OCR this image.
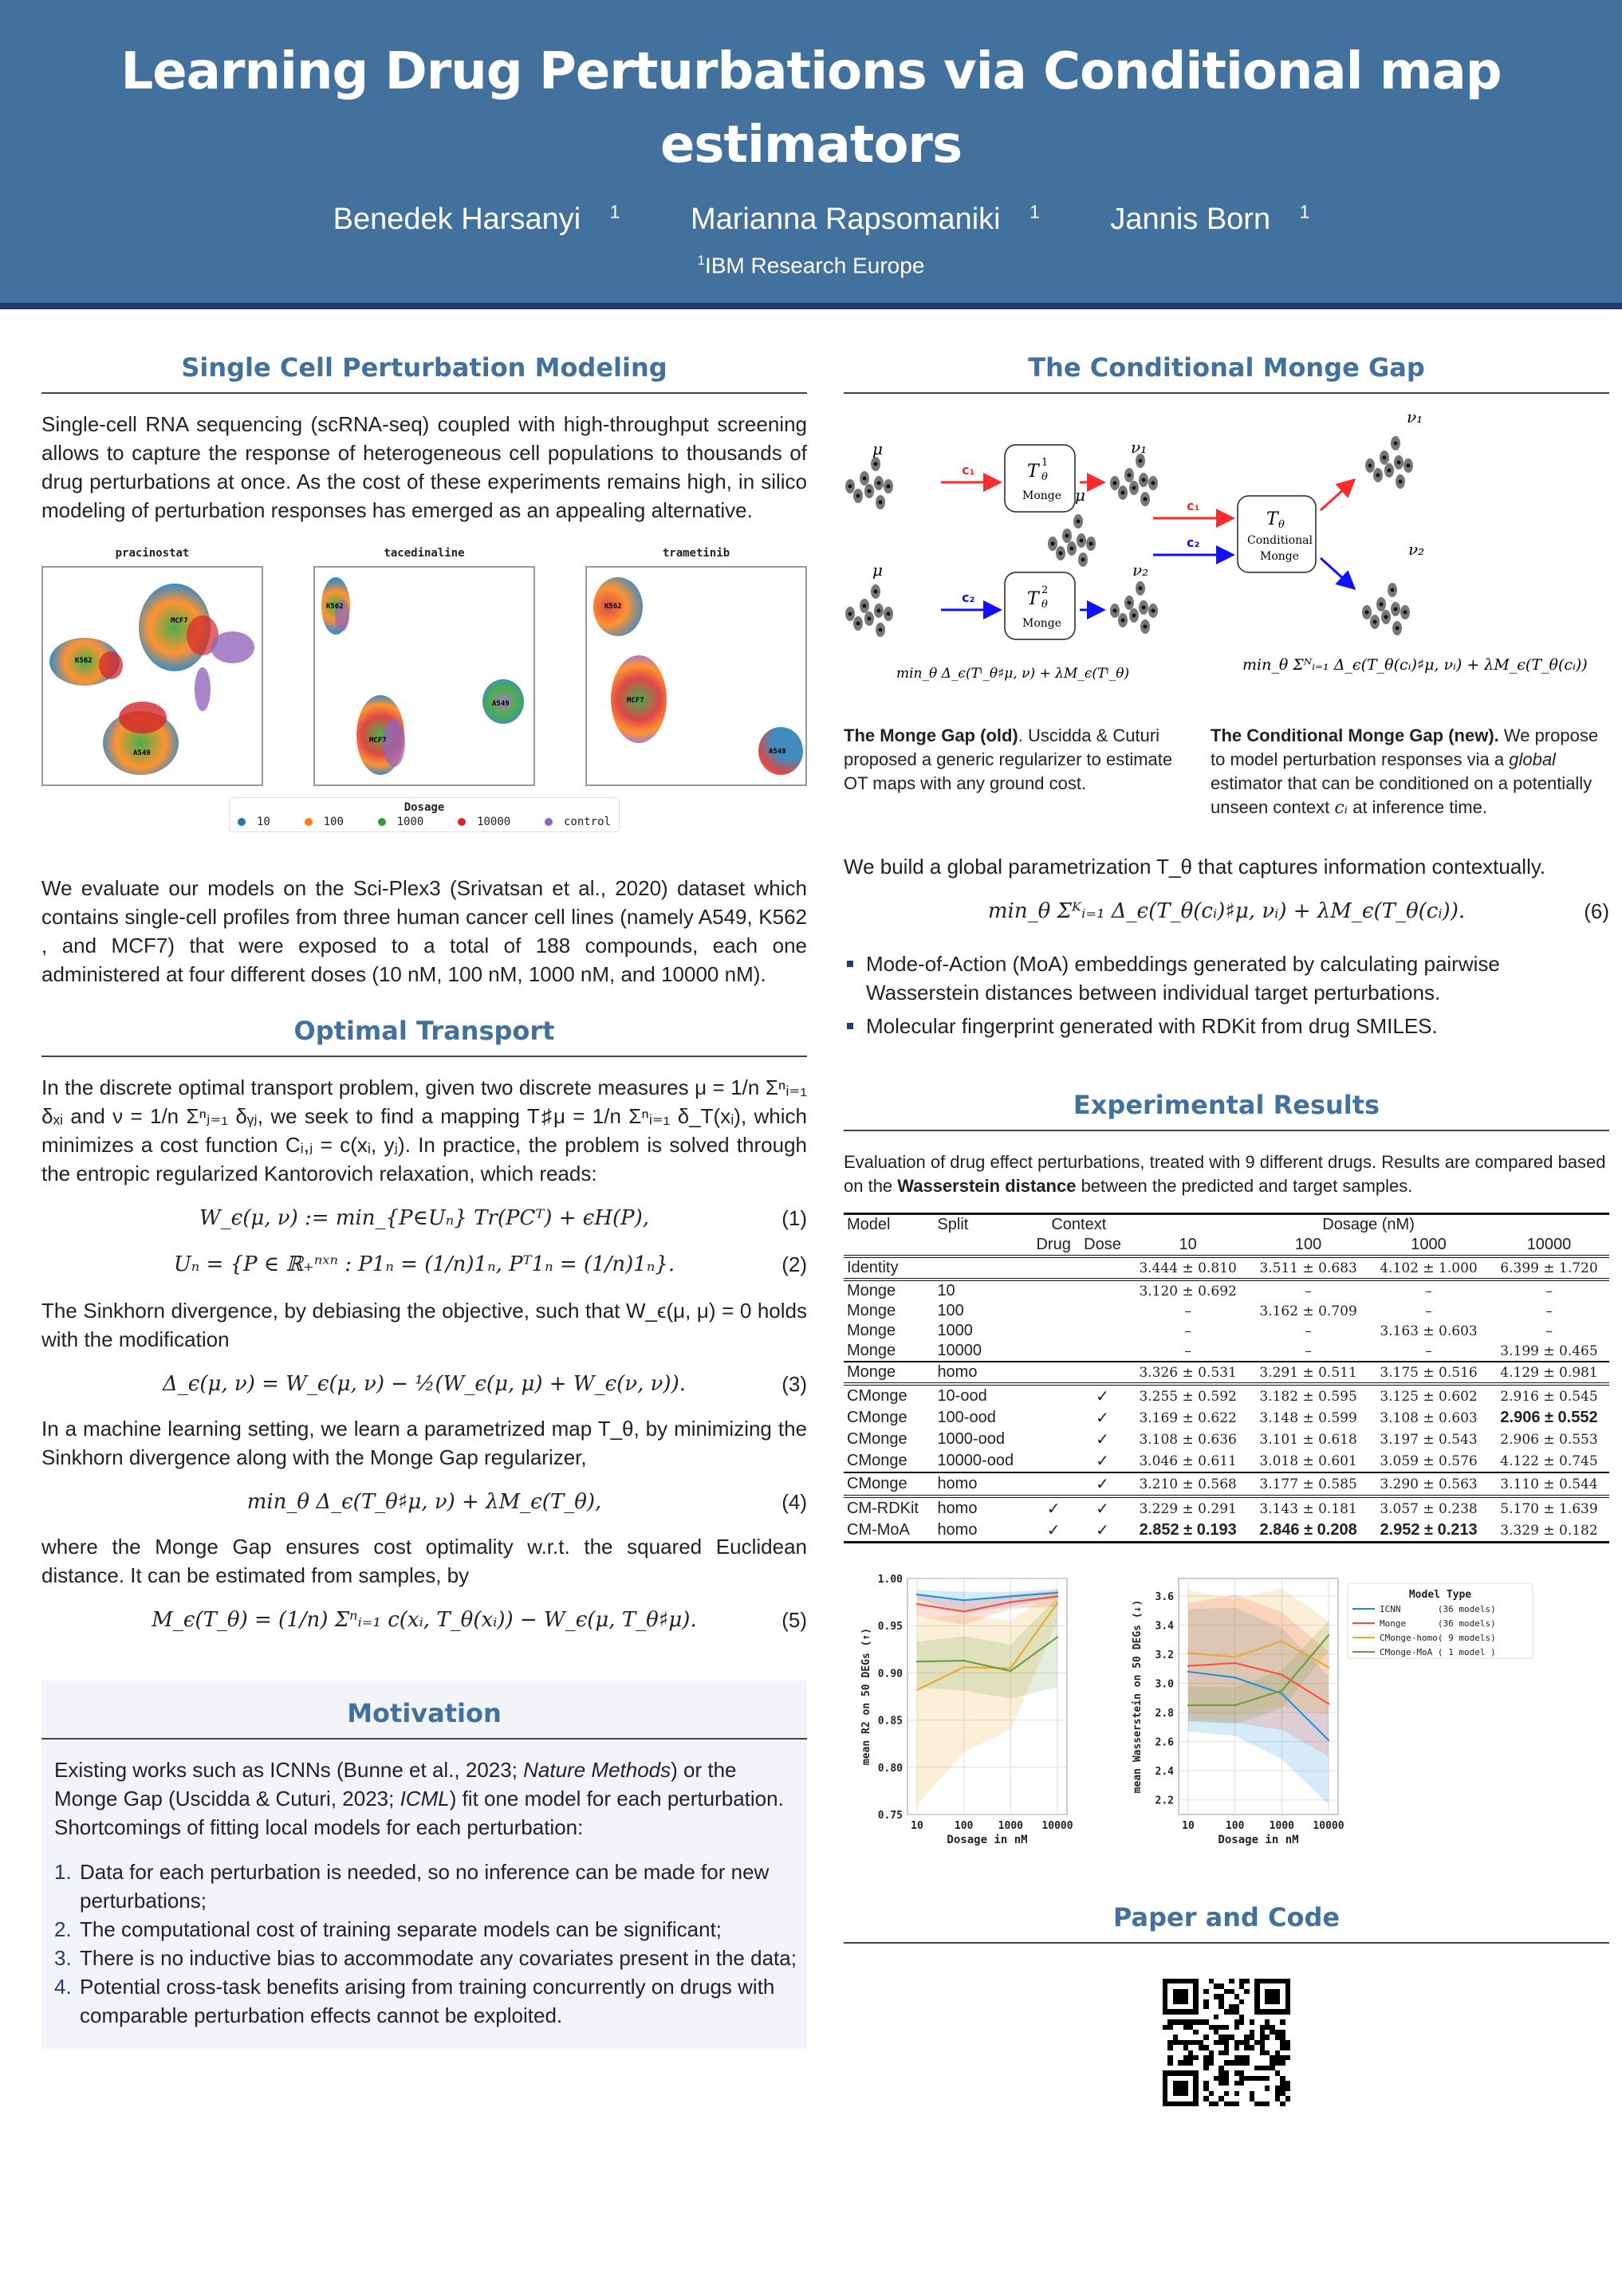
Learning Drug Perturbations via Conditional map estimators
Benedek Harsanyi $^1$ Marianna Rapsomaniki $^1$ Jannis Born $^1$
$^1$IBM Research Europe
Single Cell Perturbation Modeling
Single-cell RNA sequencing (scRNA-seq) coupled with high-throughput screening allows to capture the response of heterogeneous cell populations to thousands of drug perturbations at once. As the cost of these experiments remains high, in silico modeling of perturbation responses has emerged as an appealing alternative.
pracinostat
MCF7
K562
A549
tacedinaline
K562
MCF7
A549
trametinib
K562
MCF7
A549
Dosage
10	100	1000	10000	control
We evaluate our models on the Sci-Plex3 (Srivatsan et al., 2020) dataset which contains single-cell profiles from three human cancer cell lines (namely A549, K562 , and MCF7) that were exposed to a total of 188 compounds, each one administered at four different doses (10 nM, 100 nM, 1000 nM, and 10000 nM).
Optimal Transport
In the discrete optimal transport problem, given two discrete measures μ = 1/n Σⁿᵢ₌₁ δₓᵢ and ν = 1/n Σⁿⱼ₌₁ δᵧⱼ, we seek to find a mapping T♯μ = 1/n Σⁿᵢ₌₁ δ_T(xᵢ), which minimizes a cost function Cᵢ,ⱼ = c(xᵢ, yⱼ). In practice, the problem is solved through the entropic regularized Kantorovich relaxation, which reads:
W_ϵ(μ, ν) := min_{P∈Uₙ} Tr(PCᵀ) + ϵH(P),	(1)
Uₙ = {P ∈ ℝ₊ⁿˣⁿ : P1ₙ = (1/n)1ₙ, Pᵀ1ₙ = (1/n)1ₙ}.	(2)
The Sinkhorn divergence, by debiasing the objective, such that W_ϵ(μ, μ) = 0 holds with the modification
Δ_ϵ(μ, ν) = W_ϵ(μ, ν) − ½(W_ϵ(μ, μ) + W_ϵ(ν, ν)).	(3)
In a machine learning setting, we learn a parametrized map T_θ, by minimizing the Sinkhorn divergence along with the Monge Gap regularizer,
min_θ Δ_ϵ(T_θ♯μ, ν) + λM_ϵ(T_θ),	(4)
where the Monge Gap ensures cost optimality w.r.t. the squared Euclidean distance. It can be estimated from samples, by
M_ϵ(T_θ) = (1/n) Σⁿᵢ₌₁ c(xᵢ, T_θ(xᵢ)) − W_ϵ(μ, T_θ♯μ).	(5)
Motivation
Existing works such as ICNNs (Bunne et al., 2023; Nature Methods) or the Monge Gap (Uscidda & Cuturi, 2023; ICML) fit one model for each perturbation.
Shortcomings of fitting local models for each perturbation:
1. Data for each perturbation is needed, so no inference can be made for new perturbations;
2. The computational cost of training separate models can be significant;
3. There is no inductive bias to accommodate any covariates present in the data;
4. Potential cross-task benefits arising from training concurrently on drugs with comparable perturbation effects cannot be exploited.
The Conditional Monge Gap
μ
c₁	T 1
θ
Monge
ν₁
μ
c₂	T 2
θ
Monge
ν₂
min_θ Δ_ϵ(Tⁱ_θ♯μ, ν) + λM_ϵ(Tⁱ_θ)
μ
c₁
c₂
T θ
Conditional
Monge
ν₁
ν₂
min_θ Σᴺᵢ₌₁ Δ_ϵ(T_θ(cᵢ)♯μ, νᵢ) + λM_ϵ(T_θ(cᵢ))
The Monge Gap (old). Uscidda & Cuturi proposed a generic regularizer to estimate OT maps with any ground cost.
The Conditional Monge Gap (new). We propose to model perturbation responses via a global estimator that can be conditioned on a potentially unseen context cᵢ at inference time.
We build a global parametrization T_θ that captures information contextually.
min_θ Σᴷᵢ₌₁ Δ_ϵ(T_θ(cᵢ)♯μ, νᵢ) + λM_ϵ(T_θ(cᵢ)).	(6)
Mode-of-Action (MoA) embeddings generated by calculating pairwise Wasserstein distances between individual target perturbations.
Molecular fingerprint generated with RDKit from drug SMILES.
Experimental Results
Evaluation of drug effect perturbations, treated with 9 different drugs. Results are compared based on the Wasserstein distance between the predicted and target samples.
Model	Split	Context		Dosage (nM)			
		Drug	Dose	10	100	1000	10000
Identity				3.444 ± 0.810	3.511 ± 0.683	4.102 ± 1.000	6.399 ± 1.720
Monge	10			3.120 ± 0.692	–	–	–
Monge	100			–	3.162 ± 0.709	–	–
Monge	1000			–	–	3.163 ± 0.603	–
Monge	10000			–	–	–	3.199 ± 0.465
Monge	homo			3.326 ± 0.531	3.291 ± 0.511	3.175 ± 0.516	4.129 ± 0.981
CMonge	10-ood		✓	3.255 ± 0.592	3.182 ± 0.595	3.125 ± 0.602	2.916 ± 0.545
CMonge	100-ood		✓	3.169 ± 0.622	3.148 ± 0.599	3.108 ± 0.603	2.906 ± 0.552
CMonge	1000-ood		✓	3.108 ± 0.636	3.101 ± 0.618	3.197 ± 0.543	2.906 ± 0.553
CMonge	10000-ood		✓	3.046 ± 0.611	3.018 ± 0.601	3.059 ± 0.576	4.122 ± 0.745
CMonge	homo		✓	3.210 ± 0.568	3.177 ± 0.585	3.290 ± 0.563	3.110 ± 0.544
CM-RDKit	homo	✓	✓	3.229 ± 0.291	3.143 ± 0.181	3.057 ± 0.238	5.170 ± 1.639
CM-MoA	homo	✓	✓	2.852 ± 0.193	2.846 ± 0.208	2.952 ± 0.213	3.329 ± 0.182
0.75
0.80
0.85
0.90
0.95
1.00
10	100 1000 10000
Dosage in nM
mean R2 on 50 DEGs (↑)
2.2
2.4
2.6
2.8
3.0
3.2
3.4
3.6
10	100 1000 10000
Dosage in nM
mean Wasserstein on 50 DEGs (↓)
Model Type
ICNN       (36 models)
Monge      (36 models)
CMonge-homo( 9 models)
CMonge-MoA ( 1 model )
Paper and Code
